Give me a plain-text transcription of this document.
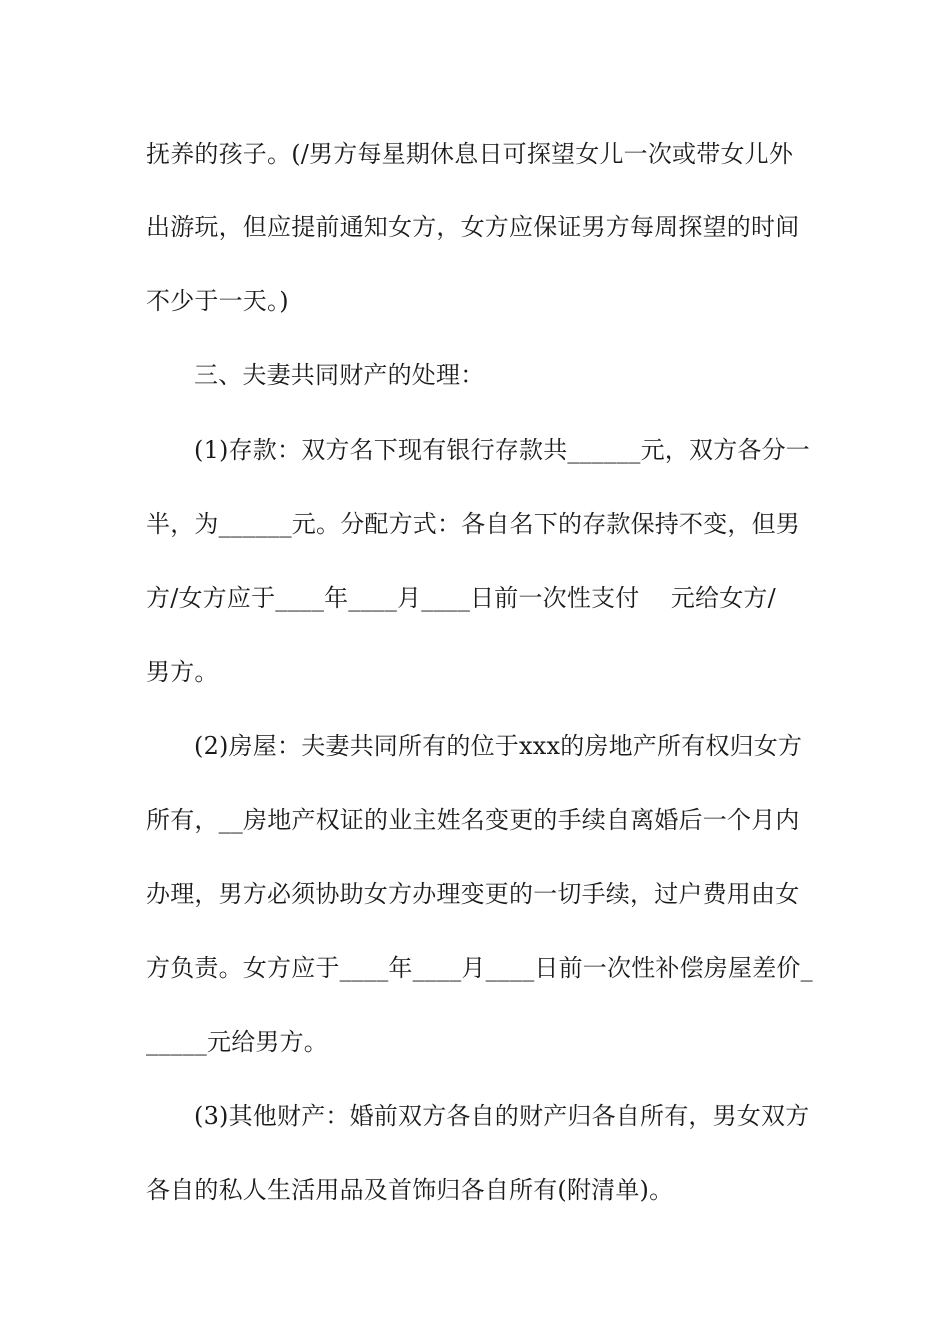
抚养的孩子。(/男方每星期休息日可探望女儿一次或带女儿外
出游玩，但应提前通知女方，女方应保证男方每周探望的时间
不少于一天。)
三、夫妻共同财产的处理：
(1)存款：双方名下现有银行存款共______元，双方各分一
半，为______元。分配方式：各自名下的存款保持不变，但男
方/女方应于____年____月____日前一次性支付    元给女方/
男方。
(2)房屋：夫妻共同所有的位于xxx的房地产所有权归女方
所有，__房地产权证的业主姓名变更的手续自离婚后一个月内
办理，男方必须协助女方办理变更的一切手续，过户费用由女
方负责。女方应于____年____月____日前一次性补偿房屋差价_
_____元给男方。
(3)其他财产：婚前双方各自的财产归各自所有，男女双方
各自的私人生活用品及首饰归各自所有(附清单)。
